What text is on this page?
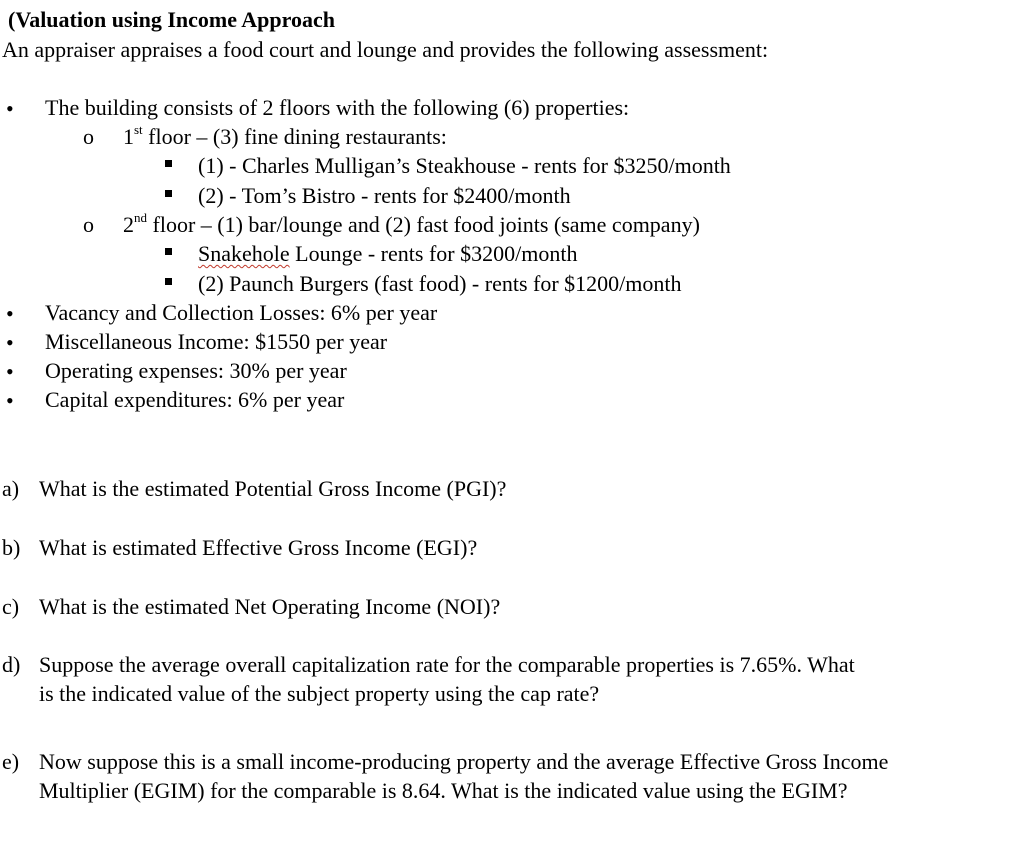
(Valuation using Income Approach
An appraiser appraises a food court and lounge and provides the following assessment:
• The building consists of 2 floors with the following (6) properties:
o 1st floor – (3) fine dining restaurants:
(1) - Charles Mulligan’s Steakhouse - rents for $3250/month
(2) - Tom’s Bistro - rents for $2400/month
o 2nd floor – (1) bar/lounge and (2) fast food joints (same company)
Snakehole Lounge - rents for $3200/month
(2) Paunch Burgers (fast food) - rents for $1200/month
• Vacancy and Collection Losses: 6% per year
• Miscellaneous Income: $1550 per year
• Operating expenses: 30% per year
• Capital expenditures: 6% per year
a) What is the estimated Potential Gross Income (PGI)?
b) What is estimated Effective Gross Income (EGI)?
c) What is the estimated Net Operating Income (NOI)?
d) Suppose the average overall capitalization rate for the comparable properties is 7.65%. What is the indicated value of the subject property using the cap rate?
e) Now suppose this is a small income-producing property and the average Effective Gross Income Multiplier (EGIM) for the comparable is 8.64. What is the indicated value using the EGIM?
